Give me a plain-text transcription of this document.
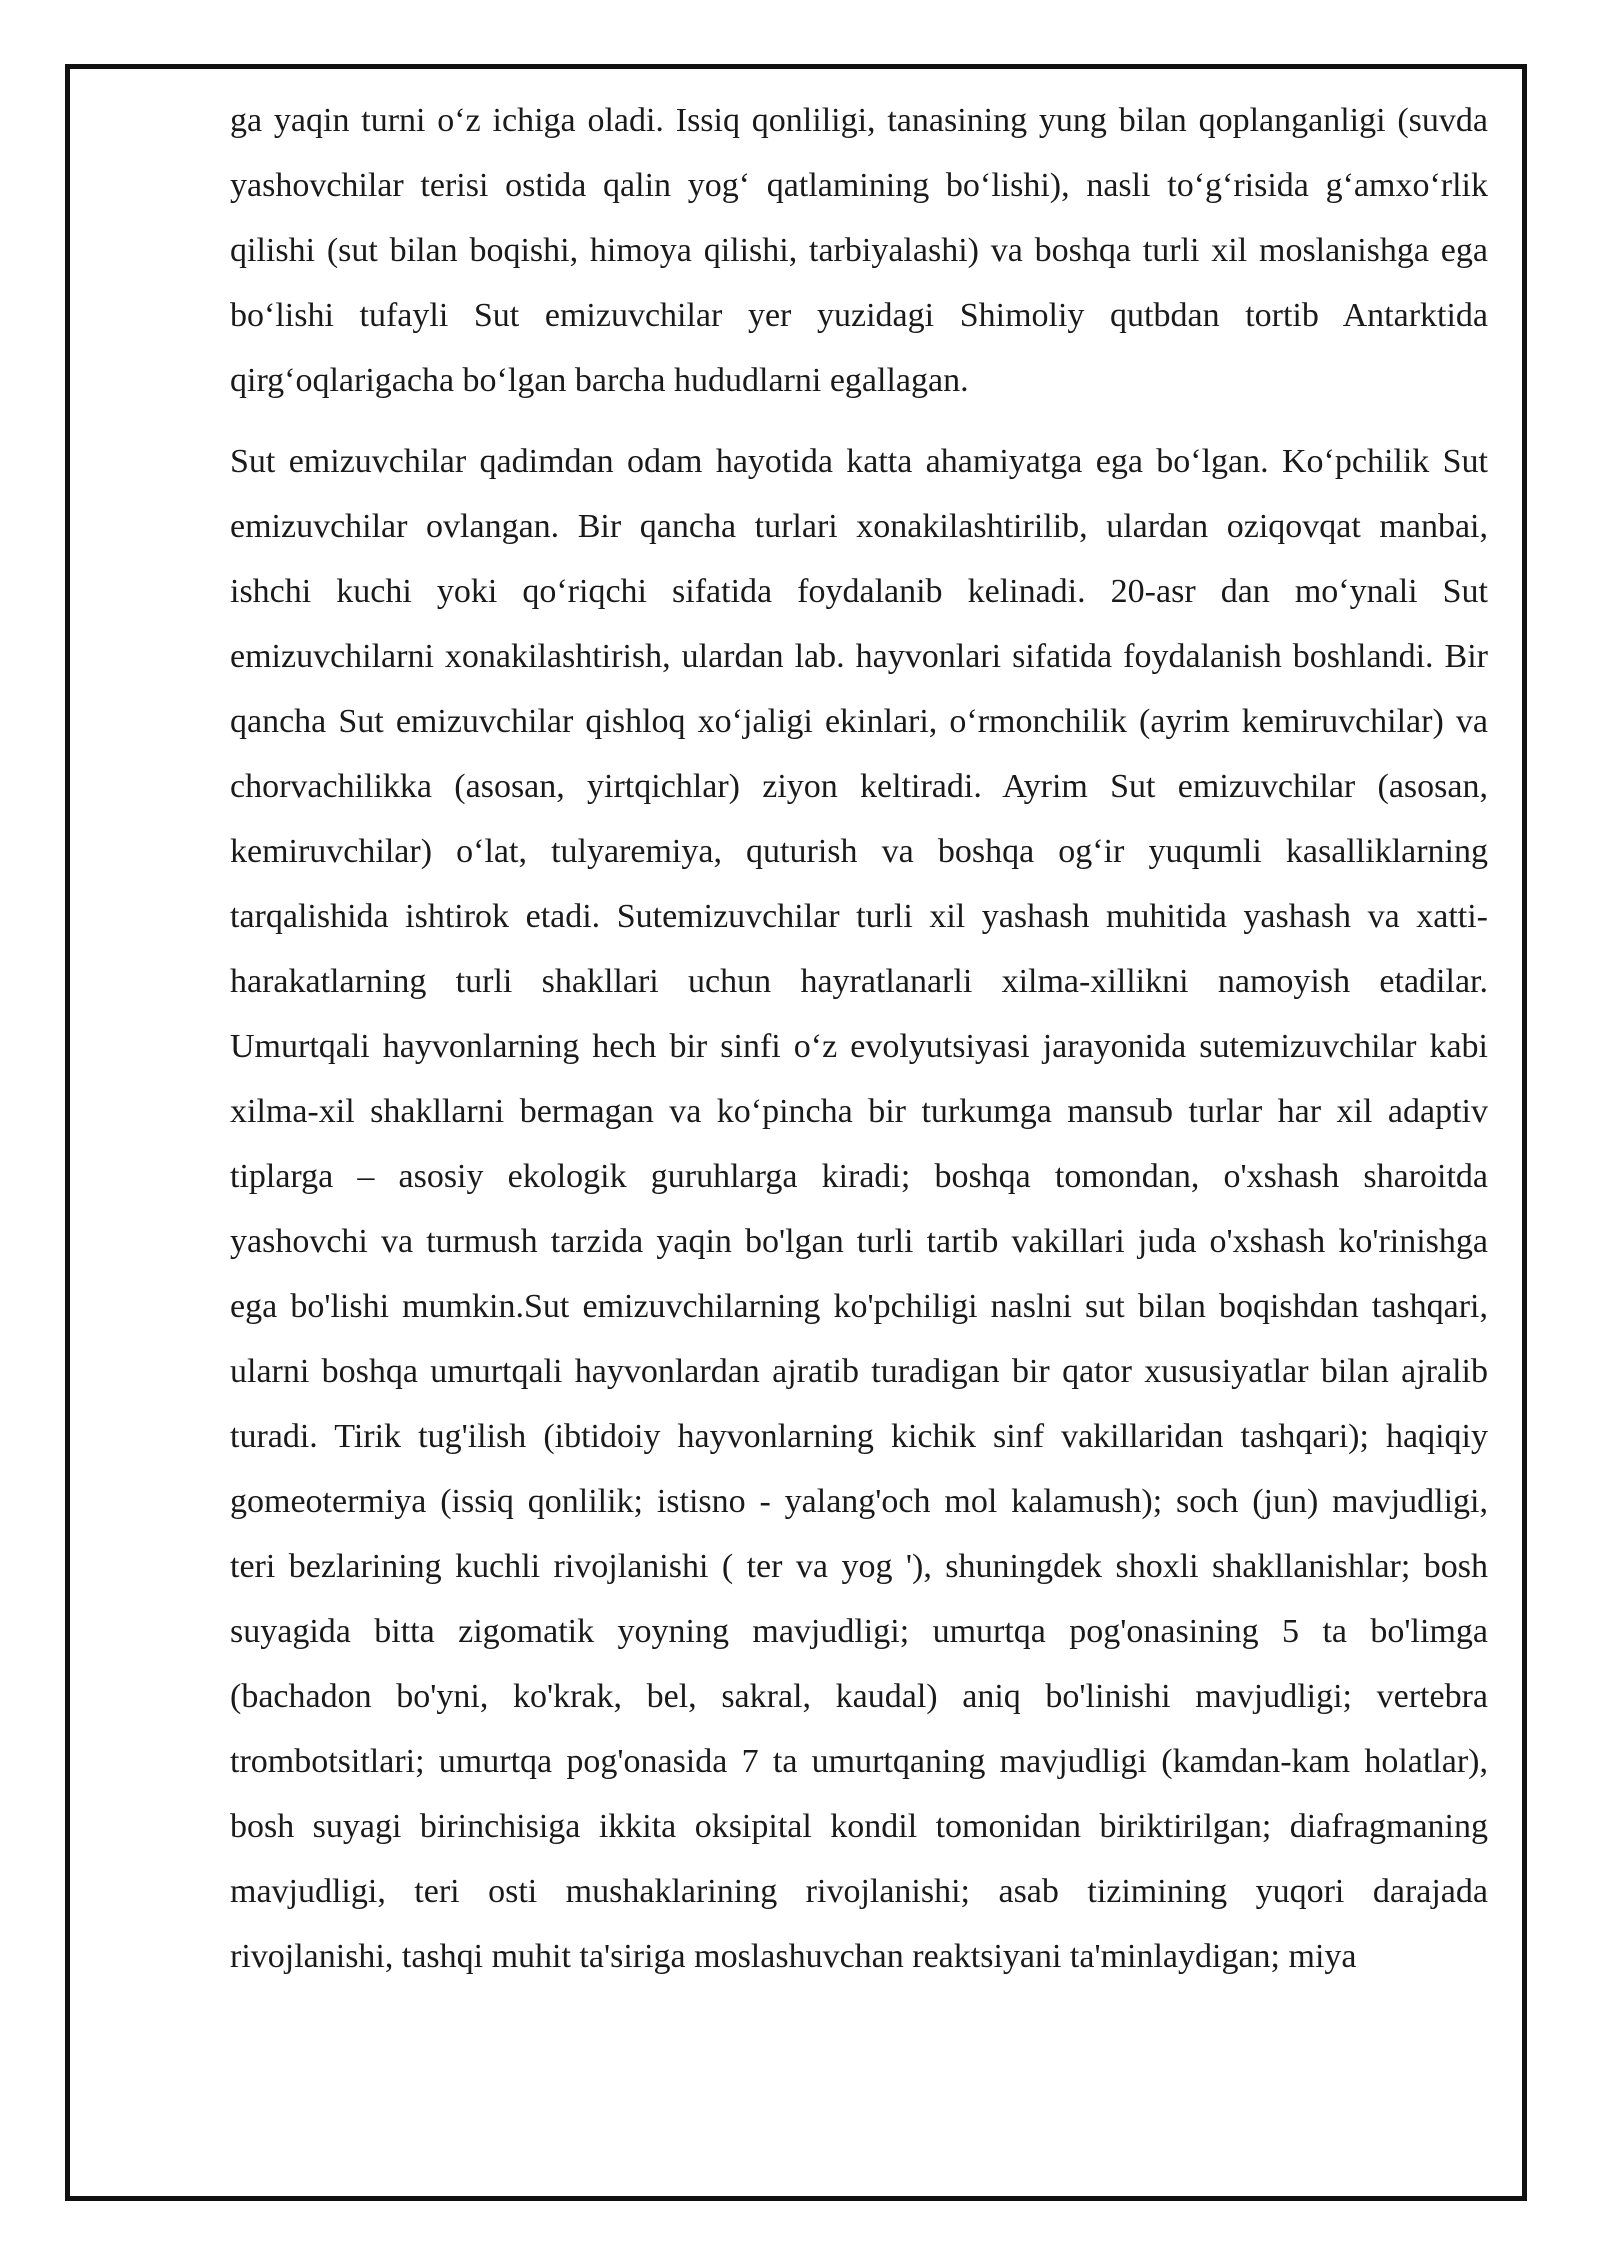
ga yaqin turni o‘z ichiga oladi. Issiq qonliligi, tanasining yung bilan qoplanganligi (suvda yashovchilar terisi ostida qalin yog‘ qatlamining bo‘lishi), nasli to‘g‘risida g‘amxo‘rlik qilishi (sut bilan boqishi, himoya qilishi, tarbiyalashi) va boshqa turli xil moslanishga ega bo‘lishi tufayli Sut emizuvchilar yer yuzidagi Shimoliy qutbdan tortib Antarktida qirg‘oqlarigacha bo‘lgan barcha hududlarni egallagan.

Sut emizuvchilar qadimdan odam hayotida katta ahamiyatga ega bo‘lgan. Ko‘pchilik Sut emizuvchilar ovlangan. Bir qancha turlari xonakilashtirilib, ulardan oziqovqat manbai, ishchi kuchi yoki qo‘riqchi sifatida foydalanib kelinadi. 20-asr dan mo‘ynali Sut emizuvchilarni xonakilashtirish, ulardan lab. hayvonlari sifatida foydalanish boshlandi. Bir qancha Sut emizuvchilar qishloq xo‘jaligi ekinlari, o‘rmonchilik (ayrim kemiruvchilar) va chorvachilikka (asosan, yirtqichlar) ziyon keltiradi. Ayrim Sut emizuvchilar (asosan, kemiruvchilar) o‘lat, tulyaremiya, quturish va boshqa og‘ir yuqumli kasalliklarning tarqalishida ishtirok etadi. Sutemizuvchilar turli xil yashash muhitida yashash va xatti-harakatlarning turli shakllari uchun hayratlanarli xilma-xillikni namoyish etadilar. Umurtqali hayvonlarning hech bir sinfi o‘z evolyutsiyasi jarayonida sutemizuvchilar kabi xilma-xil shakllarni bermagan va ko‘pincha bir turkumga mansub turlar har xil adaptiv tiplarga – asosiy ekologik guruhlarga kiradi; boshqa tomondan, o'xshash sharoitda yashovchi va turmush tarzida yaqin bo'lgan turli tartib vakillari juda o'xshash ko'rinishga ega bo'lishi mumkin.Sut emizuvchilarning ko'pchiligi naslni sut bilan boqishdan tashqari, ularni boshqa umurtqali hayvonlardan ajratib turadigan bir qator xususiyatlar bilan ajralib turadi. Tirik tug'ilish (ibtidoiy hayvonlarning kichik sinf vakillaridan tashqari); haqiqiy gomeotermiya (issiq qonlilik; istisno - yalang'och mol kalamush); soch (jun) mavjudligi, teri bezlarining kuchli rivojlanishi ( ter va yog '), shuningdek shoxli shakllanishlar; bosh suyagida bitta zigomatik yoyning mavjudligi; umurtqa pog'onasining 5 ta bo'limga (bachadon bo'yni, ko'krak, bel, sakral, kaudal) aniq bo'linishi mavjudligi; vertebra trombotsitlari; umurtqa pog'onasida 7 ta umurtqaning mavjudligi (kamdan-kam holatlar), bosh suyagi birinchisiga ikkita oksipital kondil tomonidan biriktirilgan; diafragmaning mavjudligi, teri osti mushaklarining rivojlanishi; asab tizimining yuqori darajada rivojlanishi, tashqi muhit ta'siriga moslashuvchan reaktsiyani ta'minlaydigan; miya
